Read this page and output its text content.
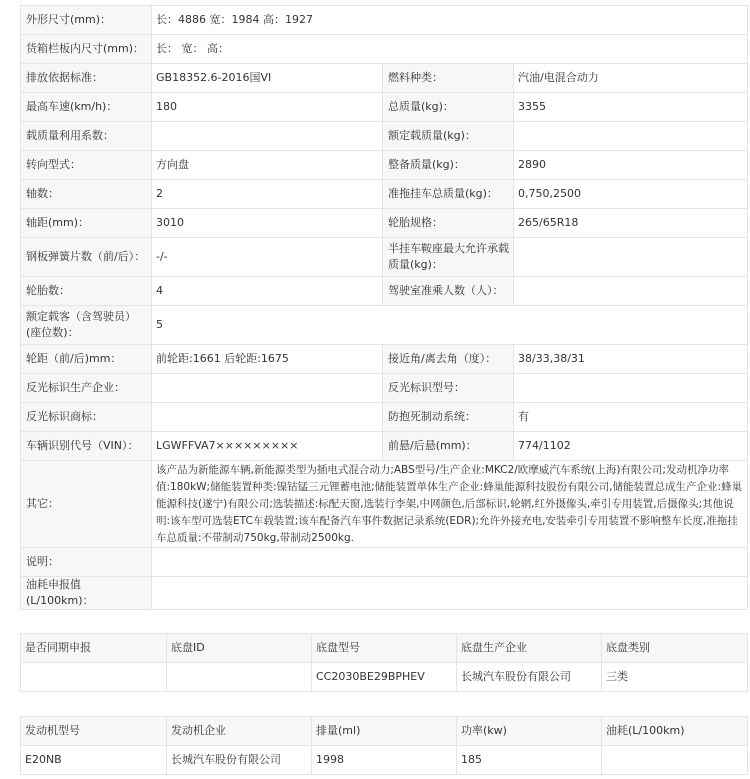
外形尺寸(mm)：	长：4886 宽：1984 高：1927		
货箱栏板内尺寸(mm)：	长： 宽： 高：		
排放依据标准：	GB18352.6-2016国VI	燃料种类：	汽油/电混合动力
最高车速(km/h)：	180	总质量(kg)：	3355
载质量利用系数：		额定载质量(kg)：	
转向型式：	方向盘	整备质量(kg)：	2890
轴数：	2	准拖挂车总质量(kg)：	0,750,2500
轴距(mm)：	3010	轮胎规格：	265/65R18
钢板弹簧片数（前/后）：	-/-	半挂车鞍座最大允许承载质量(kg)：	
轮胎数：	4	驾驶室准乘人数（人）：	
额定载客（含驾驶员）(座位数)：	5		
轮距（前/后)mm：	前轮距:1661 后轮距:1675	接近角/离去角（度）：	38/33,38/31
反光标识生产企业：		反光标识型号：	
反光标识商标：		防抱死制动系统：	有
车辆识别代号（VIN）：	LGWFFVA7×××××××××	前悬/后悬(mm)：	774/1102
其它：	该产品为新能源车辆,新能源类型为插电式混合动力;ABS型号/生产企业:MKC2/欧摩威汽车系统(上海)有限公司;发动机净功率值:180kW;储能装置种类:镍钴锰三元锂蓄电池;储能装置单体生产企业:蜂巢能源科技股份有限公司,储能装置总成生产企业:蜂巢能源科技(遂宁)有限公司;选装描述:标配天窗,选装行李架,中网颜色,后部标识,轮辋,红外摄像头,牵引专用装置,后摄像头;其他说明:该车型可选装ETC车载装置;该车配备汽车事件数据记录系统(EDR);允许外接充电,安装牵引专用装置不影响整车长度,准拖挂车总质量:不带制动750kg,带制动2500kg.		
说明：			
油耗申报值(L/100km)：			
是否同期申报	底盘ID	底盘型号	底盘生产企业	底盘类别
		CC2030BE29BPHEV	长城汽车股份有限公司	三类
发动机型号	发动机企业	排量(ml)	功率(kw)	油耗(L/100km)
E20NB	长城汽车股份有限公司	1998	185	
